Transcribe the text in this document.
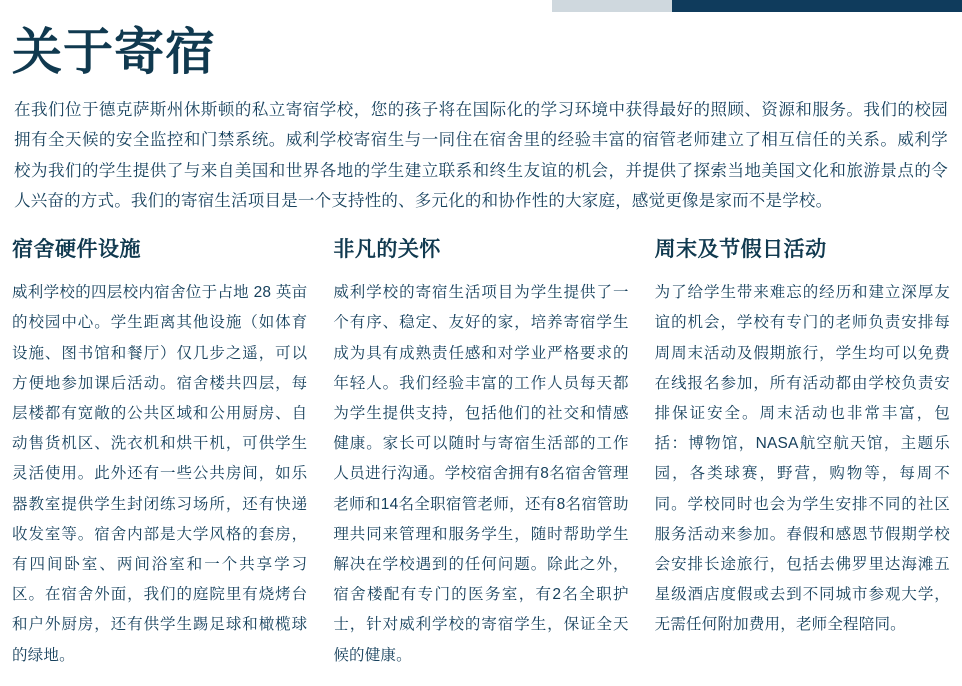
关于寄宿

在我们位于德克萨斯州休斯顿的私立寄宿学校，您的孩子将在国际化的学习环境中获得最好的照顾、资源和服务。我们的校园拥有全天候的安全监控和门禁系统。威利学校寄宿生与一同住在宿舍里的经验丰富的宿管老师建立了相互信任的关系。威利学校为我们的学生提供了与来自美国和世界各地的学生建立联系和终生友谊的机会，并提供了探索当地美国文化和旅游景点的令人兴奋的方式。我们的寄宿生活项目是一个支持性的、多元化的和协作性的大家庭，感觉更像是家而不是学校。

宿舍硬件设施

威利学校的四层校内宿舍位于占地 28 英亩的校园中心。学生距离其他设施（如体育设施、图书馆和餐厅）仅几步之遥，可以方便地参加课后活动。宿舍楼共四层，每层楼都有宽敞的公共区域和公用厨房、自动售货机区、洗衣机和烘干机，可供学生灵活使用。此外还有一些公共房间，如乐器教室提供学生封闭练习场所，还有快递收发室等。宿舍内部是大学风格的套房，有四间卧室、两间浴室和一个共享学习区。在宿舍外面，我们的庭院里有烧烤台和户外厨房，还有供学生踢足球和橄榄球的绿地。

非凡的关怀

威利学校的寄宿生活项目为学生提供了一个有序、稳定、友好的家，培养寄宿学生成为具有成熟责任感和对学业严格要求的年轻人。我们经验丰富的工作人员每天都为学生提供支持，包括他们的社交和情感健康。家长可以随时与寄宿生活部的工作人员进行沟通。学校宿舍拥有8名宿舍管理老师和14名全职宿管老师，还有8名宿管助理共同来管理和服务学生，随时帮助学生解决在学校遇到的任何问题。除此之外，宿舍楼配有专门的医务室，有2名全职护士，针对威利学校的寄宿学生，保证全天候的健康。

周末及节假日活动

为了给学生带来难忘的经历和建立深厚友谊的机会，学校有专门的老师负责安排每周周末活动及假期旅行，学生均可以免费在线报名参加，所有活动都由学校负责安排保证安全。周末活动也非常丰富，包括：博物馆，NASA航空航天馆，主题乐园，各类球赛，野营，购物等，每周不同。学校同时也会为学生安排不同的社区服务活动来参加。春假和感恩节假期学校会安排长途旅行，包括去佛罗里达海滩五星级酒店度假或去到不同城市参观大学，无需任何附加费用，老师全程陪同。
